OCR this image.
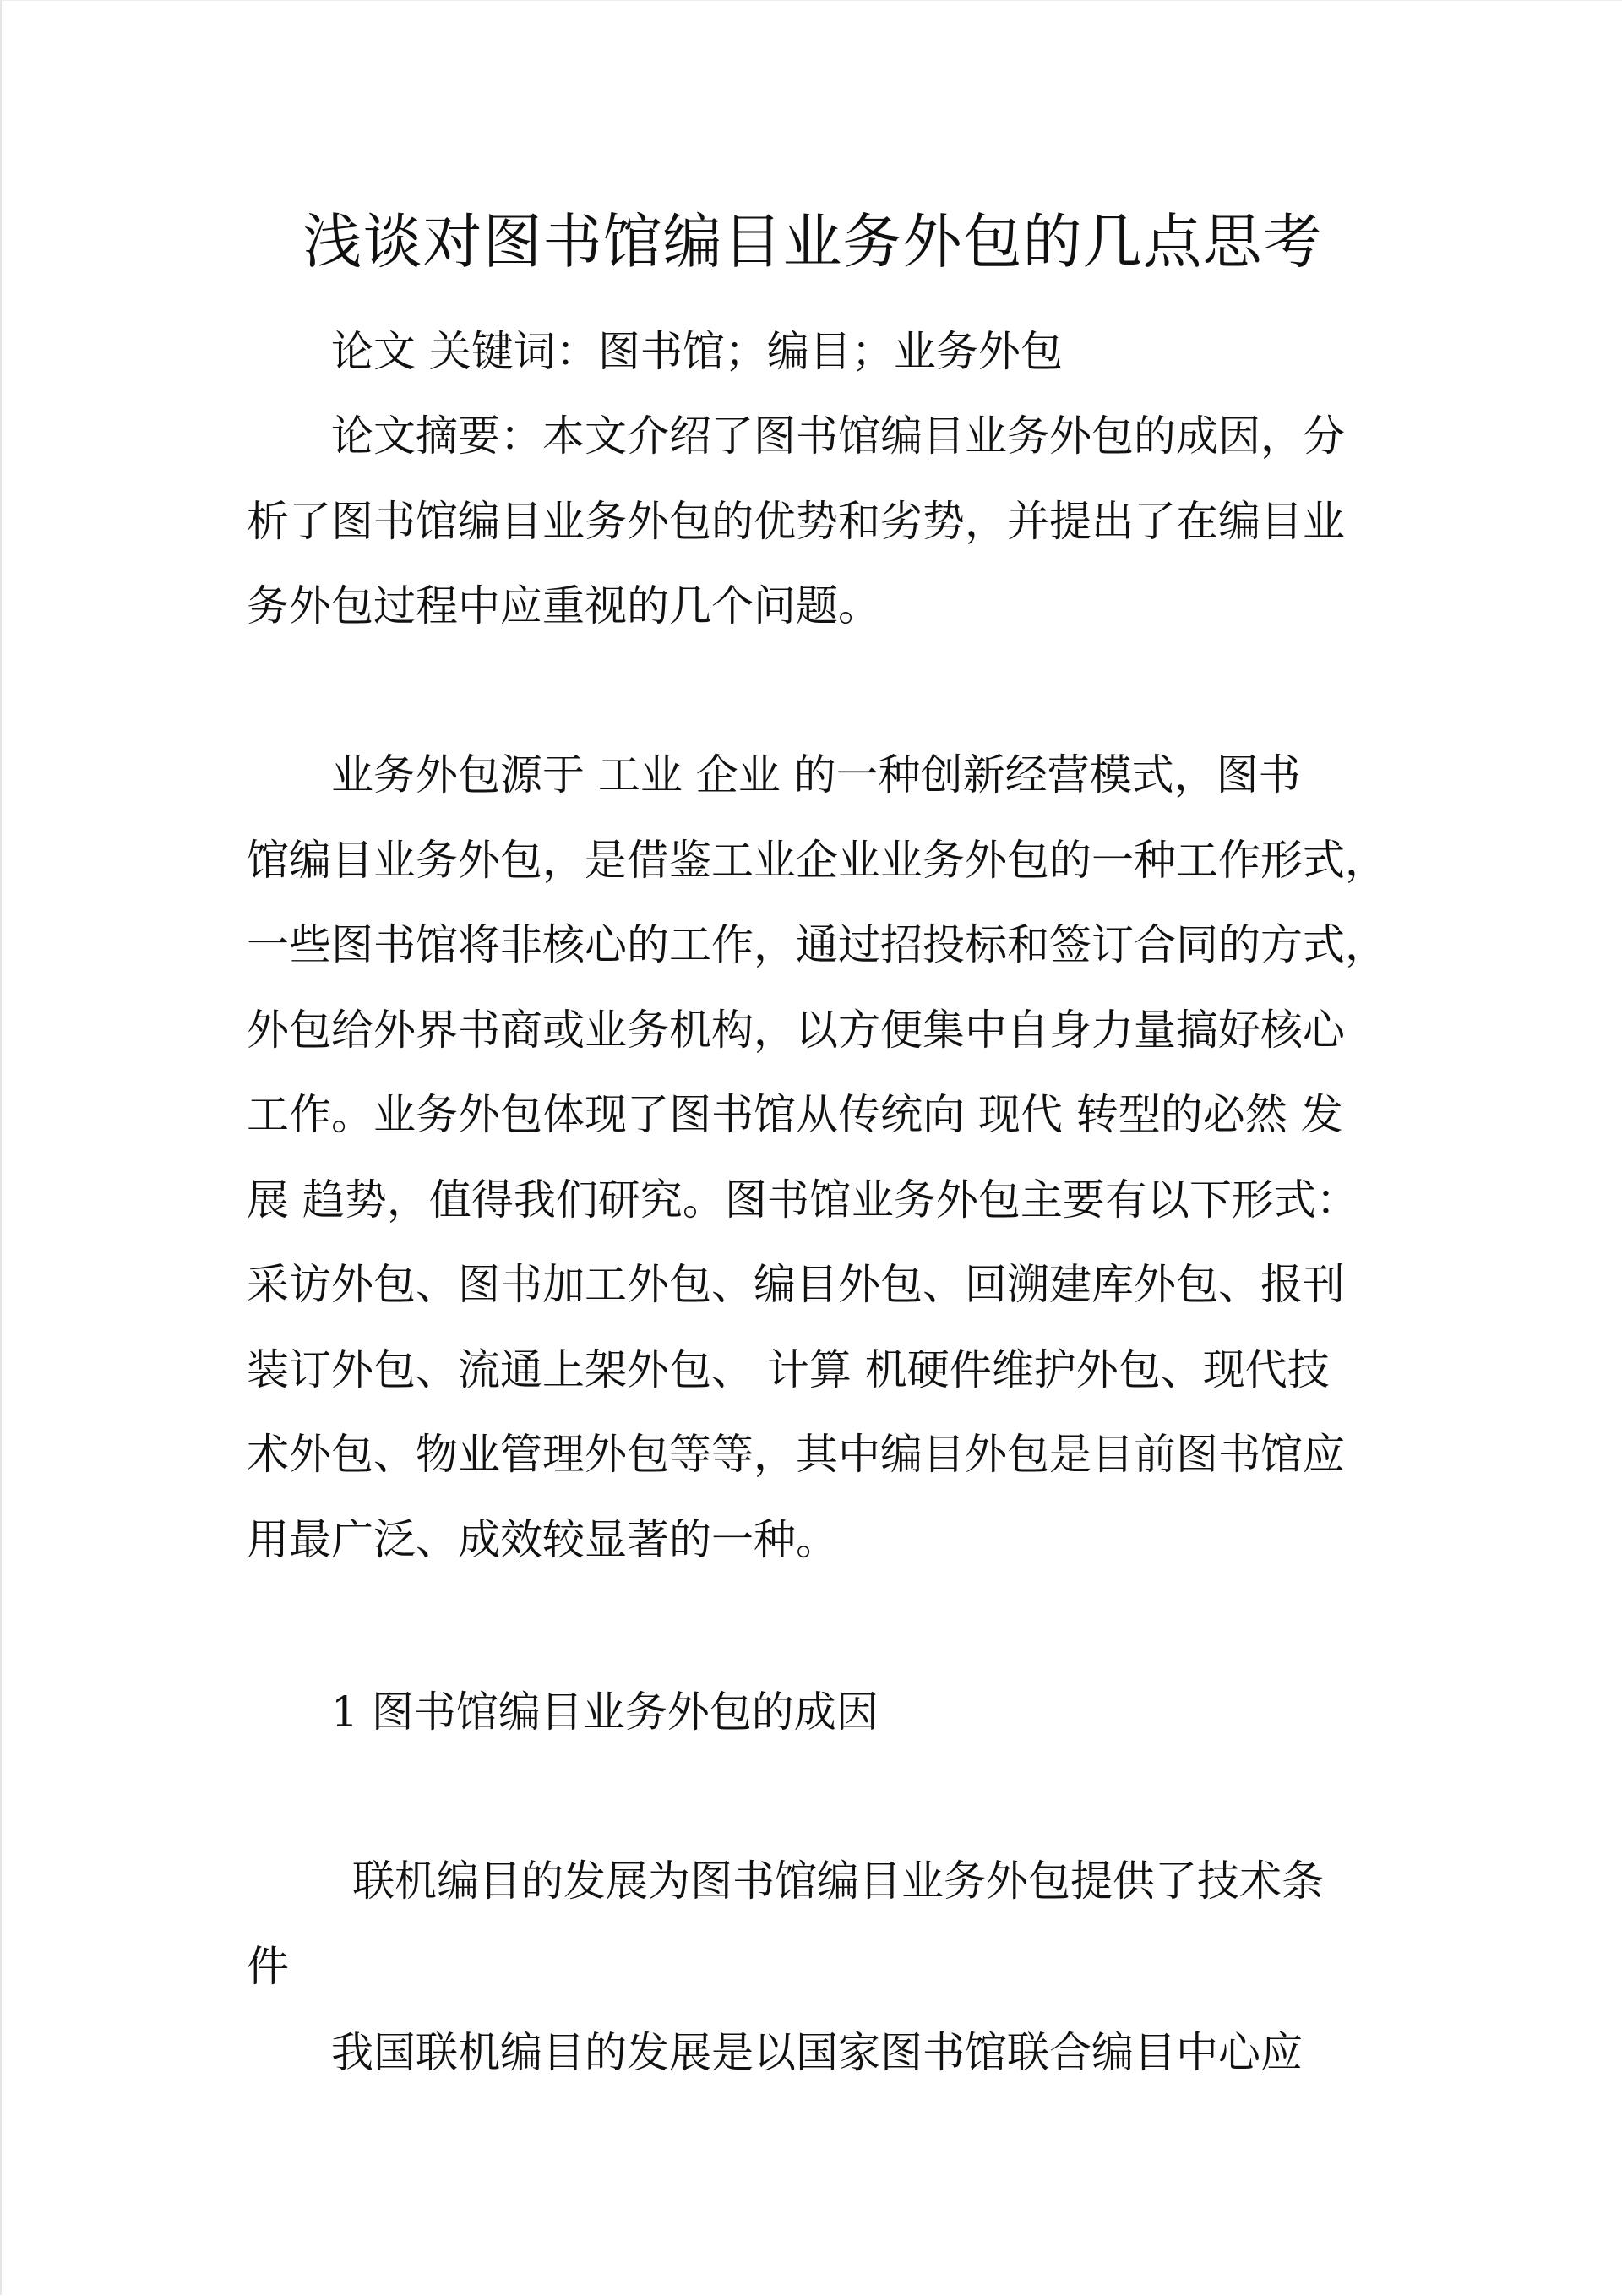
浅谈对图书馆编目业务外包的几点思考

论文 关键词：图书馆；编目；业务外包

论文摘要：本文介绍了图书馆编目业务外包的成因，分
析了图书馆编目业务外包的优势和劣势，并提出了在编目业
务外包过程中应重视的几个问题。

业务外包源于 工业 企业 的一种创新经营模式，图书
馆编目业务外包，是借鉴工业企业业务外包的一种工作形式，
一些图书馆将非核心的工作，通过招投标和签订合同的方式，
外包给外界书商或业务机构，以方便集中自身力量搞好核心
工作。业务外包体现了图书馆从传统向 现代 转型的必然 发
展 趋势，值得我们研究。图书馆业务外包主要有以下形式：
采访外包、图书加工外包、编目外包、回溯建库外包、报刊
装订外包、流通上架外包、 计算 机硬件维护外包、现代技
术外包、物业管理外包等等，其中编目外包是目前图书馆应
用最广泛、成效较显著的一种。

1 图书馆编目业务外包的成因

联机编目的发展为图书馆编目业务外包提供了技术条
件

我国联机编目的发展是以国家图书馆联合编目中心应
